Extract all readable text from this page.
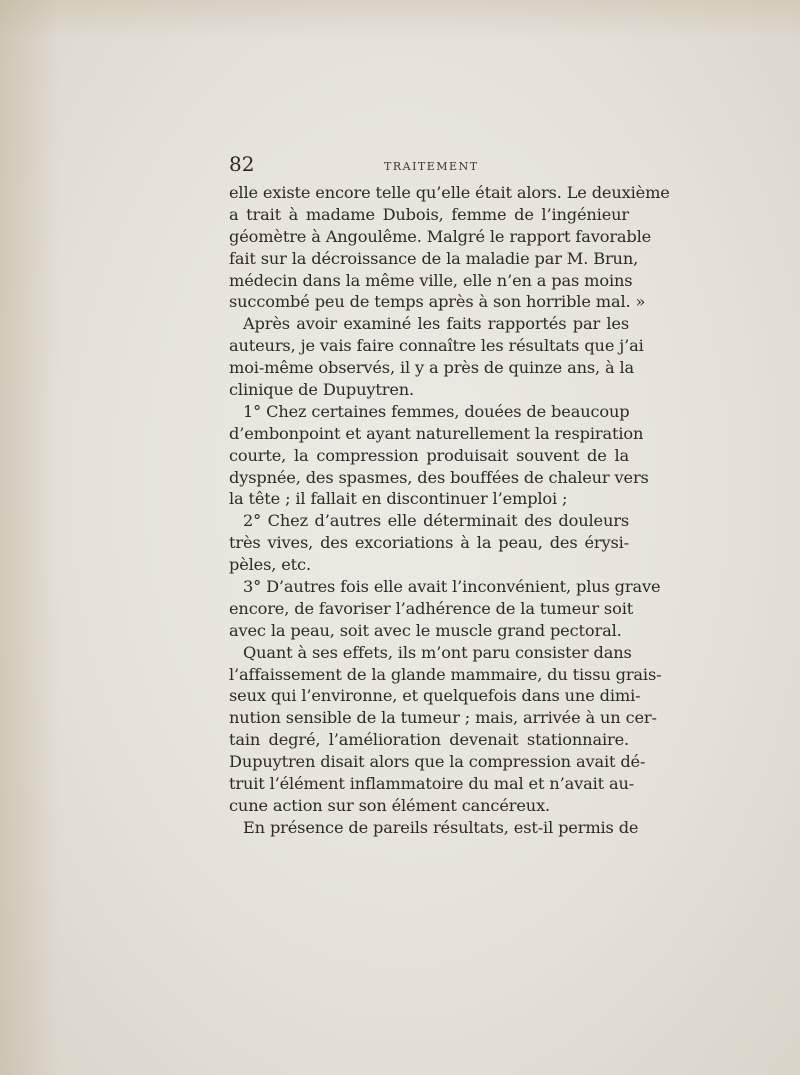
82	TRAITEMENT
elle existe encore telle qu’elle était alors. Le deuxième
a trait à madame Dubois, femme de l’ingénieur
géomètre à Angoulême. Malgré le rapport favorable
fait sur la décroissance de la maladie par M. Brun,
médecin dans la même ville, elle n’en a pas moins
succombé peu de temps après à son horrible mal. »
Après avoir examiné les faits rapportés par les
auteurs, je vais faire connaître les résultats que j’ai
moi-même observés, il y a près de quinze ans, à la
clinique de Dupuytren.
1° Chez certaines femmes, douées de beaucoup
d’embonpoint et ayant naturellement la respiration
courte, la compression produisait souvent de la
dyspnée, des spasmes, des bouffées de chaleur vers
la tête ; il fallait en discontinuer l’emploi ;
2° Chez d’autres elle déterminait des douleurs
très vives, des excoriations à la peau, des érysi-
pèles, etc.
3° D’autres fois elle avait l’inconvénient, plus grave
encore, de favoriser l’adhérence de la tumeur soit
avec la peau, soit avec le muscle grand pectoral.
Quant à ses effets, ils m’ont paru consister dans
l’affaissement de la glande mammaire, du tissu grais-
seux qui l’environne, et quelquefois dans une dimi-
nution sensible de la tumeur ; mais, arrivée à un cer-
tain degré, l’amélioration devenait stationnaire.
Dupuytren disait alors que la compression avait dé-
truit l’élément inflammatoire du mal et n’avait au-
cune action sur son élément cancéreux.
En présence de pareils résultats, est-il permis de
